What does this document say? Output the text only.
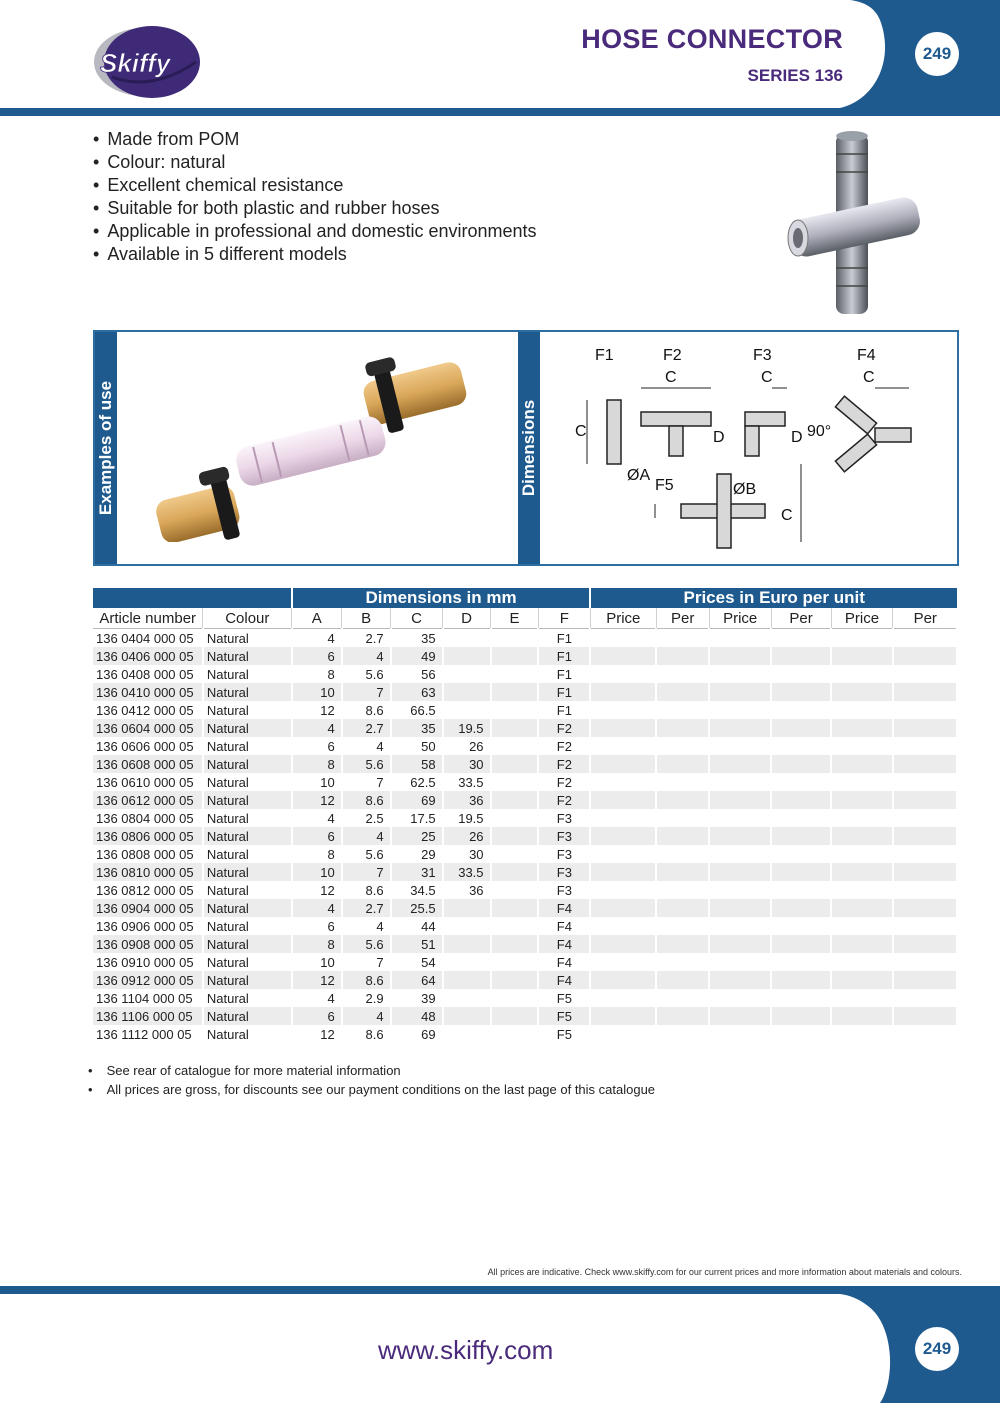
Skiffy
HOSE CONNECTOR
SERIES 136
249
• Made from POM
• Colour: natural
• Excellent chemical resistance
• Suitable for both plastic and rubber hoses
• Applicable in professional and domestic environments
• Available in 5 different models
Examples of use	Dimensions
F1	F2	F3	F4
F5
C
C	C	C
C
D	D 90°
ØA
ØB
		Dimensions in mm						Prices in Euro per unit					
Article number	Colour	A	B	C	D	E	F	Price	Per	Price	Per	Price	Per
136 0404 000 05	Natural	4	2.7	35			F1						
136 0406 000 05	Natural	6	4	49			F1						
136 0408 000 05	Natural	8	5.6	56			F1						
136 0410 000 05	Natural	10	7	63			F1						
136 0412 000 05	Natural	12	8.6	66.5			F1						
136 0604 000 05	Natural	4	2.7	35	19.5		F2						
136 0606 000 05	Natural	6	4	50	26		F2						
136 0608 000 05	Natural	8	5.6	58	30		F2						
136 0610 000 05	Natural	10	7	62.5	33.5		F2						
136 0612 000 05	Natural	12	8.6	69	36		F2						
136 0804 000 05	Natural	4	2.5	17.5	19.5		F3						
136 0806 000 05	Natural	6	4	25	26		F3						
136 0808 000 05	Natural	8	5.6	29	30		F3						
136 0810 000 05	Natural	10	7	31	33.5		F3						
136 0812 000 05	Natural	12	8.6	34.5	36		F3						
136 0904 000 05	Natural	4	2.7	25.5			F4						
136 0906 000 05	Natural	6	4	44			F4						
136 0908 000 05	Natural	8	5.6	51			F4						
136 0910 000 05	Natural	10	7	54			F4						
136 0912 000 05	Natural	12	8.6	64			F4						
136 1104 000 05	Natural	4	2.9	39			F5						
136 1106 000 05	Natural	6	4	48			F5						
136 1112 000 05	Natural	12	8.6	69			F5						
• See rear of catalogue for more material information
• All prices are gross, for discounts see our payment conditions on the last page of this catalogue
All prices are indicative. Check www.skiffy.com for our current prices and more information about materials and colours.
www.skiffy.com	249
